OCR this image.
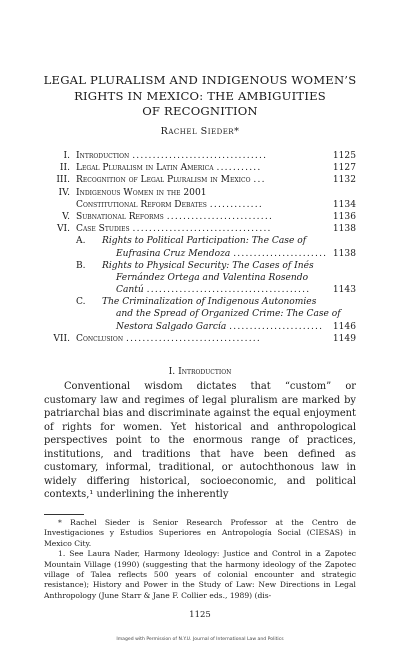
LEGAL PLURALISM AND INDIGENOUS WOMEN’S
RIGHTS IN MEXICO: THE AMBIGUITIES
OF RECOGNITION
Rachel Sieder*
I. Introduction .................................	1125
II. Legal Pluralism in Latin America ...........	1127
III. Recognition of Legal Pluralism in Mexico ...	1132
IV. Indigenous Women in the 2001
Constitutional Reform Debates .............	1134
V. Subnational Reforms ..........................	1136
VI. Case Studies ..................................	1138
A.	Rights to Political Participation: The Case of
Eufrasina Cruz Mendoza ....................... 1138
B.	Rights to Physical Security: The Cases of Inés
Fernández Ortega and Valentina Rosendo
Cantú ........................................	1143
C.	The Criminalization of Indigenous Autonomies
and the Spread of Organized Crime: The Case of
Nestora Salgado García .......................	1146
VII. Conclusion .................................	1149
I. Introduction

Conventional wisdom dictates that “custom” or customary law and regimes of legal pluralism are marked by patriarchal bias and discriminate against the equal enjoyment of rights for women. Yet historical and anthropological perspectives point to the enormous range of practices, institutions, and traditions that have been defined as customary, informal, traditional, or autochthonous law in widely differing historical, socioeconomic, and political contexts,¹ underlining the inherently

* Rachel Sieder is Senior Research Professor at the Centro de Investigaciones y Estudios Superiores en Antropología Social (CIESAS) in Mexico City.

1. See Laura Nader, Harmony Ideology: Justice and Control in a Zapotec Mountain Village (1990) (suggesting that the harmony ideology of the Zapotec village of Talea reflects 500 years of colonial encounter and strategic resistance); History and Power in the Study of Law: New Directions in Legal Anthropology (June Starr & Jane F. Collier eds., 1989) (dis-

1125
Imaged with Permission of N.Y.U. Journal of International Law and Politics
